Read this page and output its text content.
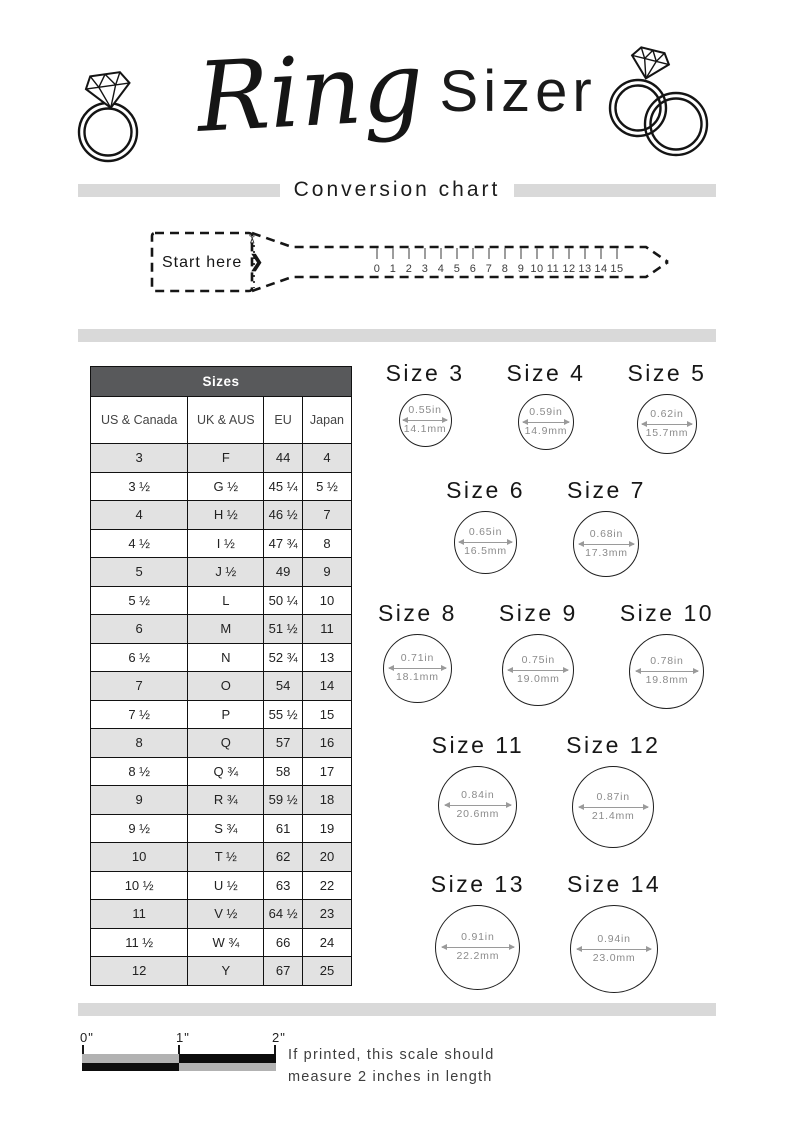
Ring Sizer
Conversion chart
0 1 2 3 4 5 6 7 8 9 10 11 12 13 14 15
✂
Start here ❯
Sizes			
US & Canada	UK & AUS	EU	Japan
3	F	44	4
3 ½	G ½	45 ¼	5 ½
4	H ½	46 ½	7
4 ½	I ½	47 ¾	8
5	J ½	49	9
5 ½	L	50 ¼	10
6	M	51 ½	11
6 ½	N	52 ¾	13
7	O	54	14
7 ½	P	55 ½	15
8	Q	57	16
8 ½	Q ¾	58	17
9	R ¾	59 ½	18
9 ½	S ¾	61	19
10	T ½	62	20
10 ½	U ½	63	22
11	V ½	64 ½	23
11 ½	W ¾	66	24
12	Y	67	25
Size 3
0.55in
14.1mm
Size 4
0.59in
14.9mm
Size 5
0.62in
15.7mm
Size 6
0.65in
16.5mm
Size 7
0.68in
17.3mm
Size 8
0.71in
18.1mm
Size 9
0.75in
19.0mm
Size 10
0.78in
19.8mm
Size 11
0.84in
20.6mm
Size 12
0.87in
21.4mm
Size 13
0.91in
22.2mm
Size 14
0.94in
23.0mm
If printed, this scale should
measure 2 inches in length
0"	1"	2"
